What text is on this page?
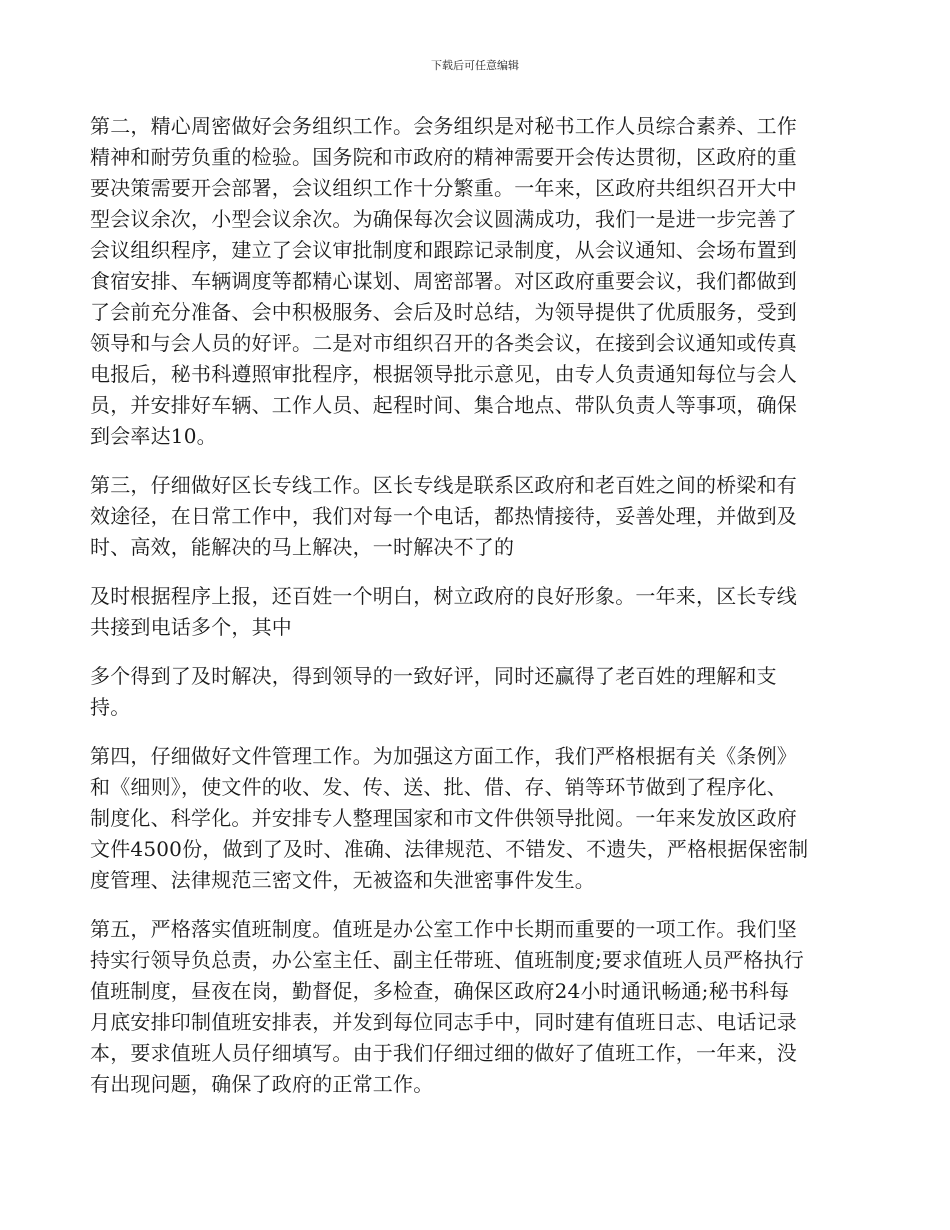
下载后可任意编辑
第二，精心周密做好会务组织工作。会务组织是对秘书工作人员综合素养、工作
精神和耐劳负重的检验。国务院和市政府的精神需要开会传达贯彻，区政府的重
要决策需要开会部署，会议组织工作十分繁重。一年来，区政府共组织召开大中
型会议余次，小型会议余次。为确保每次会议圆满成功，我们一是进一步完善了
会议组织程序，建立了会议审批制度和跟踪记录制度，从会议通知、会场布置到
食宿安排、车辆调度等都精心谋划、周密部署。对区政府重要会议，我们都做到
了会前充分准备、会中积极服务、会后及时总结，为领导提供了优质服务，受到
领导和与会人员的好评。二是对市组织召开的各类会议，在接到会议通知或传真
电报后，秘书科遵照审批程序，根据领导批示意见，由专人负责通知每位与会人
员，并安排好车辆、工作人员、起程时间、集合地点、带队负责人等事项，确保
到会率达10。
第三，仔细做好区长专线工作。区长专线是联系区政府和老百姓之间的桥梁和有
效途径，在日常工作中，我们对每一个电话，都热情接待，妥善处理，并做到及
时、高效，能解决的马上解决，一时解决不了的
及时根据程序上报，还百姓一个明白，树立政府的良好形象。一年来，区长专线
共接到电话多个，其中
多个得到了及时解决，得到领导的一致好评，同时还赢得了老百姓的理解和支
持。
第四，仔细做好文件管理工作。为加强这方面工作，我们严格根据有关《条例》
和《细则》，使文件的收、发、传、送、批、借、存、销等环节做到了程序化、
制度化、科学化。并安排专人整理国家和市文件供领导批阅。一年来发放区政府
文件4500份，做到了及时、准确、法律规范、不错发、不遗失，严格根据保密制
度管理、法律规范三密文件，无被盗和失泄密事件发生。
第五，严格落实值班制度。值班是办公室工作中长期而重要的一项工作。我们坚
持实行领导负总责，办公室主任、副主任带班、值班制度;要求值班人员严格执行
值班制度，昼夜在岗，勤督促，多检查，确保区政府24小时通讯畅通;秘书科每
月底安排印制值班安排表，并发到每位同志手中，同时建有值班日志、电话记录
本，要求值班人员仔细填写。由于我们仔细过细的做好了值班工作，一年来，没
有出现问题，确保了政府的正常工作。
